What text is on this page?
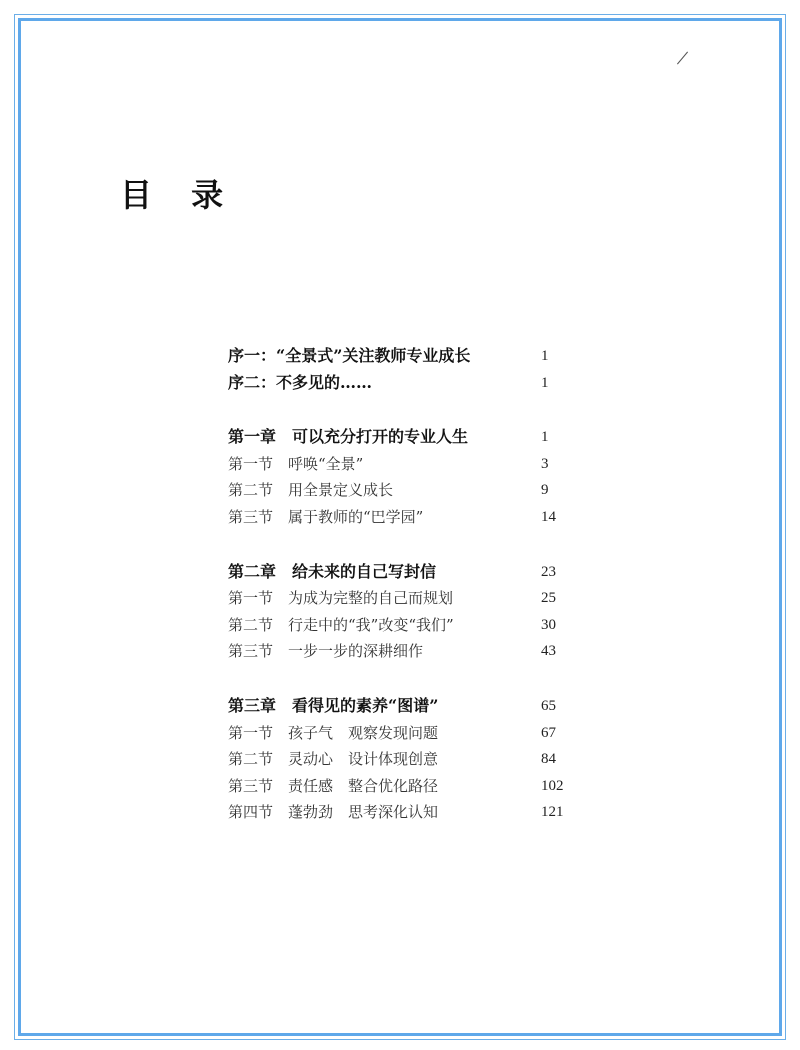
目 录
序一：“全景式”关注教师专业成长	1
序二：不多见的……	1
第一章　可以充分打开的专业人生	1
第一节　呼唤“全景”	3
第二节　用全景定义成长	9
第三节　属于教师的“巴学园”	14
第二章　给未来的自己写封信	23
第一节　为成为完整的自己而规划	25
第二节　行走中的“我”改变“我们”	30
第三节　一步一步的深耕细作	43
第三章　看得见的素养“图谱”	65
第一节　孩子气　观察发现问题	67
第二节　灵动心　设计体现创意	84
第三节　责任感　整合优化路径	102
第四节　蓬勃劲　思考深化认知	121
